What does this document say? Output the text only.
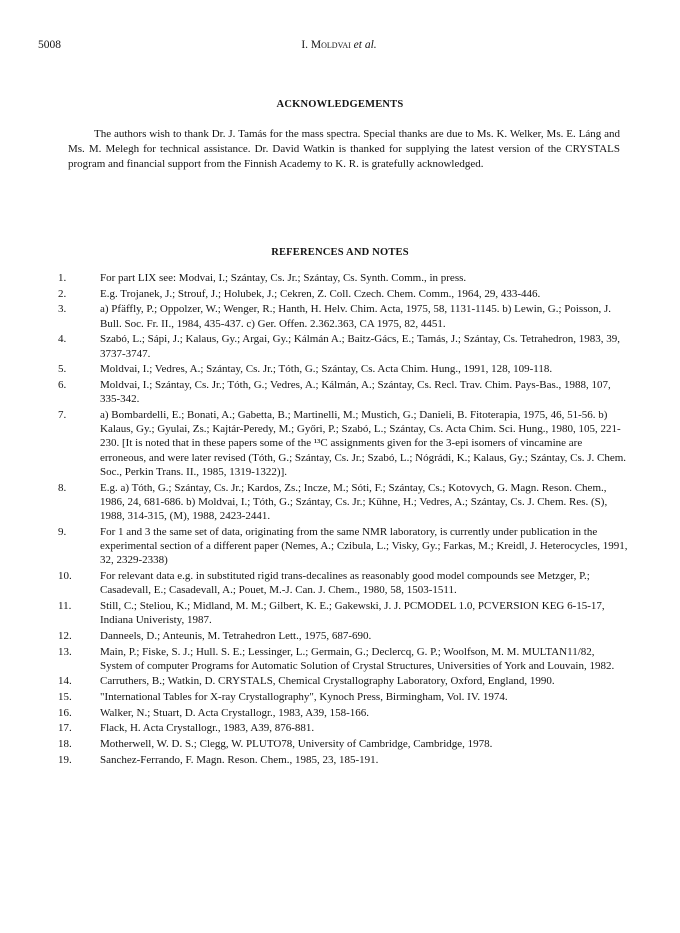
5008	I. Moldvai et al.
ACKNOWLEDGEMENTS

The authors wish to thank Dr. J. Tamás for the mass spectra. Special thanks are due to Ms. K. Welker, Ms. E. Láng and Ms. M. Melegh for technical assistance. Dr. David Watkin is thanked for supplying the latest version of the CRYSTALS program and financial support from the Finnish Academy to K. R. is gratefully acknowledged.

REFERENCES AND NOTES
1.	For part LIX see: Modvai, I.; Szántay, Cs. Jr.; Szántay, Cs. Synth. Comm., in press.
2.	E.g. Trojanek, J.; Strouf, J.; Holubek, J.; Cekren, Z. Coll. Czech. Chem. Comm., 1964, 29, 433-446.
3.	a) Pfäffly, P.; Oppolzer, W.; Wenger, R.; Hanth, H. Helv. Chim. Acta, 1975, 58, 1131-1145. b) Lewin, G.; Poisson, J. Bull. Soc. Fr. II., 1984, 435-437. c) Ger. Offen. 2.362.363, CA 1975, 82, 4451.
4.	Szabó, L.; Sápi, J.; Kalaus, Gy.; Argai, Gy.; Kálmán A.; Baitz-Gács, E.; Tamás, J.; Szántay, Cs. Tetrahedron, 1983, 39, 3737-3747.
5.	Moldvai, I.; Vedres, A.; Szántay, Cs. Jr.; Tóth, G.; Szántay, Cs. Acta Chim. Hung., 1991, 128, 109-118.
6.	Moldvai, I.; Szántay, Cs. Jr.; Tóth, G.; Vedres, A.; Kálmán, A.; Szántay, Cs. Recl. Trav. Chim. Pays-Bas., 1988, 107, 335-342.
7.	a) Bombardelli, E.; Bonati, A.; Gabetta, B.; Martinelli, M.; Mustich, G.; Danieli, B. Fitoterapia, 1975, 46, 51-56. b) Kalaus, Gy.; Gyulai, Zs.; Kajtár-Peredy, M.; Győri, P.; Szabó, L.; Szántay, Cs. Acta Chim. Sci. Hung., 1980, 105, 221-230. [It is noted that in these papers some of the ¹³C assignments given for the 3-epi isomers of vincamine are erroneous, and were later revised (Tóth, G.; Szántay, Cs. Jr.; Szabó, L.; Nógrádi, K.; Kalaus, Gy.; Szántay, Cs. J. Chem. Soc., Perkin Trans. II., 1985, 1319-1322)].
8.	E.g. a) Tóth, G.; Szántay, Cs. Jr.; Kardos, Zs.; Incze, M.; Sóti, F.; Szántay, Cs.; Kotovych, G. Magn. Reson. Chem., 1986, 24, 681-686. b) Moldvai, I.; Tóth, G.; Szántay, Cs. Jr.; Kühne, H.; Vedres, A.; Szántay, Cs. J. Chem. Res. (S), 1988, 314-315, (M), 1988, 2423-2441.
9.	For 1 and 3 the same set of data, originating from the same NMR laboratory, is currently under publication in the experimental section of a different paper (Nemes, A.; Czibula, L.; Visky, Gy.; Farkas, M.; Kreidl, J. Heterocycles, 1991, 32, 2329-2338)
10.	For relevant data e.g. in substituted rigid trans-decalines as reasonably good model compounds see Metzger, P.; Casadevall, E.; Casadevall, A.; Pouet, M.-J. Can. J. Chem., 1980, 58, 1503-1511.
11.	Still, C.; Steliou, K.; Midland, M. M.; Gilbert, K. E.; Gakewski, J. J. PCMODEL 1.0, PCVERSION KEG 6-15-17, Indiana Univeristy, 1987.
12.	Danneels, D.; Anteunis, M. Tetrahedron Lett., 1975, 687-690.
13.	Main, P.; Fiske, S. J.; Hull. S. E.; Lessinger, L.; Germain, G.; Declercq, G. P.; Woolfson, M. M. MULTAN11/82, System of computer Programs for Automatic Solution of Crystal Structures, Universities of York and Louvain, 1982.
14.	Carruthers, B.; Watkin, D. CRYSTALS, Chemical Crystallography Laboratory, Oxford, England, 1990.
15.	"International Tables for X-ray Crystallography", Kynoch Press, Birmingham, Vol. IV. 1974.
16.	Walker, N.; Stuart, D. Acta Crystallogr., 1983, A39, 158-166.
17.	Flack, H. Acta Crystallogr., 1983, A39, 876-881.
18.	Motherwell, W. D. S.; Clegg, W. PLUTO78, University of Cambridge, Cambridge, 1978.
19.	Sanchez-Ferrando, F. Magn. Reson. Chem., 1985, 23, 185-191.
